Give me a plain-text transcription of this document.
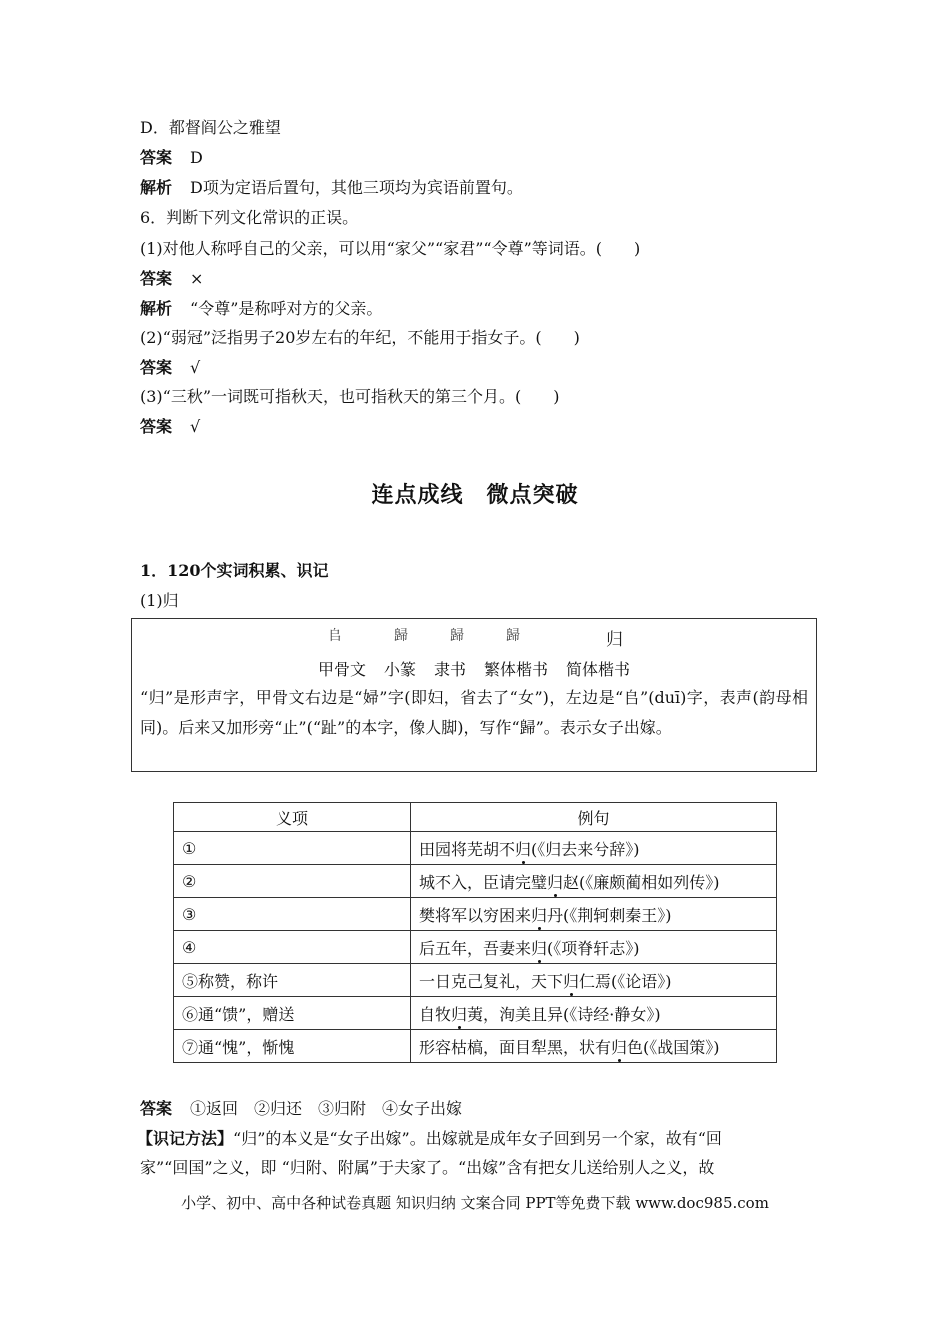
D．都督阎公之雅望
答案 D
解析 D项为定语后置句，其他三项均为宾语前置句。
6．判断下列文化常识的正误。
(1)对他人称呼自己的父亲，可以用“家父”“家君”“令尊”等词语。(　　)
答案 ×
解析 “令尊”是称呼对方的父亲。
(2)“弱冠”泛指男子20岁左右的年纪，不能用于指女子。(　　)
答案 √
(3)“三秋”一词既可指秋天，也可指秋天的第三个月。(　　)
答案 √
连点成线　微点突破
1．120个实词积累、识记
(1)归
𠂤	歸	歸	歸	归
甲骨文 小篆 隶书 繁体楷书 简体楷书
“归”是形声字，甲骨文右边是“婦”字(即妇，省去了“女”)，左边是“𠂤”(duī)字，表声(韵母相同)。后来又加形旁“止”(“趾”的本字，像人脚)，写作“歸”。表示女子出嫁。
义项	例句
①	田园将芜胡不归(《归去来兮辞》)
②	城不入，臣请完璧归赵(《廉颇蔺相如列传》)
③	樊将军以穷困来归丹(《荆轲刺秦王》)
④	后五年，吾妻来归(《项脊轩志》)
⑤称赞，称许	一日克己复礼，天下归仁焉(《论语》)
⑥通“馈”，赠送	自牧归荑，洵美且异(《诗经·静女》)
⑦通“愧”，惭愧	形容枯槁，面目犁黑，状有归色(《战国策》)
答案 ①返回　②归还　③归附　④女子出嫁
【识记方法】“归”的本义是“女子出嫁”。出嫁就是成年女子回到另一个家，故有“回
家”“回国”之义，即 “归附、附属”于夫家了。“出嫁”含有把女儿送给别人之义，故
小学、初中、高中各种试卷真题 知识归纳 文案合同 PPT等免费下载 www.doc985.com
